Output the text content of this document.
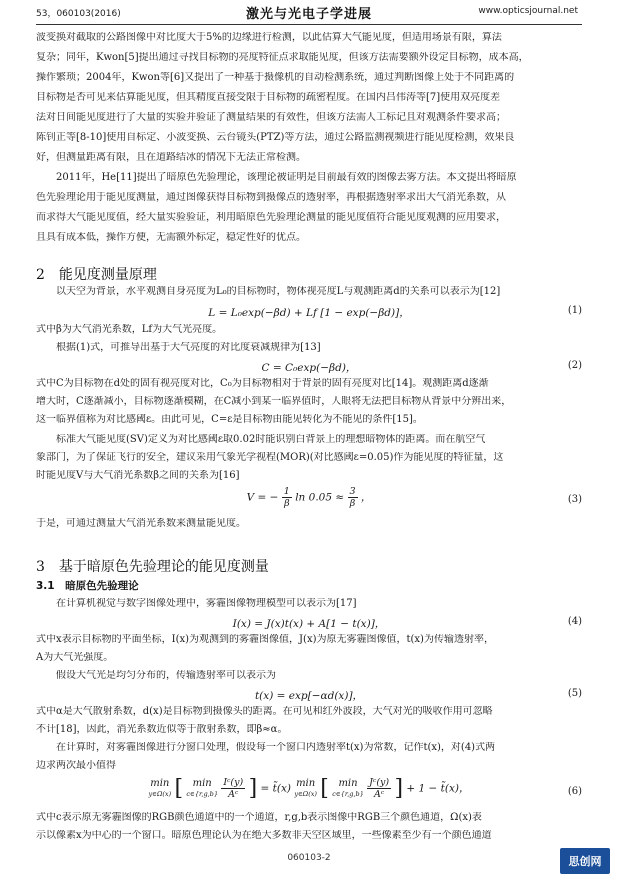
53，060103(2016)	激光与光电子学进展	www.opticsjournal.net
波变换对截取的公路图像中对比度大于5%的边缘进行检测，以此估算大气能见度，但适用场景有限，算法
复杂；同年，Kwon[5]提出通过寻找目标物的亮度特征点求取能见度，但该方法需要额外设定目标物，成本高，
操作繁琐；2004年，Kwon等[6]又提出了一种基于摄像机的自动检测系统，通过判断图像上处于不同距离的
目标物是否可见来估算能见度，但其精度直接受限于目标物的疏密程度。在国内吕伟涛等[7]使用双亮度差
法对日间能见度进行了大量的实验并验证了测量结果的有效性，但该方法需人工标记且对观测条件要求高；
陈钊正等[8-10]使用自标定、小波变换、云台镜头(PTZ)等方法，通过公路监测视频进行能见度检测，效果良
好，但测量距离有限，且在道路结冰的情况下无法正常检测。
2011年，He[11]提出了暗原色先验理论，该理论被证明是目前最有效的图像去雾方法。本文提出将暗原
色先验理论用于能见度测量，通过图像获得目标物到摄像点的透射率，再根据透射率求出大气消光系数，从
而求得大气能见度值，经大量实验验证，利用暗原色先验理论测量的能见度值符合能见度观测的应用要求，
且具有成本低，操作方便，无需额外标定，稳定性好的优点。
2　能见度测量原理
以天空为背景，水平观测自身亮度为L₀的目标物时，物体视亮度L与观测距离d的关系可以表示为[12]
L = L₀exp(−βd) + Lf [1 − exp(−βd)]，	(1)
式中β为大气消光系数，Lf为大气光亮度。
根据(1)式，可推导出基于大气亮度的对比度衰减规律为[13]
C = C₀exp(−βd)，	(2)
式中C为目标物在d处的固有视亮度对比，C₀为目标物相对于背景的固有亮度对比[14]。观测距离d逐渐
增大时，C逐渐减小，目标物逐渐模糊，在C减小到某一临界值时，人眼将无法把目标物从背景中分辨出来，
这一临界值称为对比感阈ε。由此可见，C=ε是目标物由能见转化为不能见的条件[15]。
标准大气能见度(SV)定义为对比感阈ε取0.02时能识别白背景上的理想暗物体的距离。而在航空气
象部门，为了保证飞行的安全，建议采用气象光学视程(MOR)(对比感阈ε=0.05)作为能见度的特征量，这
时能见度V与大气消光系数β之间的关系为[16]
V = − $\frac{1}{\beta}$ $\ln 0.05 \approx \frac{3}{\beta}$ ，	(3)
于是，可通过测量大气消光系数来测量能见度。
3　基于暗原色先验理论的能见度测量
3.1　暗原色先验理论
在计算机视觉与数字图像处理中，雾霾图像物理模型可以表示为[17]
I(x) = J(x)t(x) + A[1 − t(x)]，	(4)
式中x表示目标物的平面坐标，I(x)为观测到的雾霾图像值，J(x)为原无雾霾图像值，t(x)为传输透射率，
A为大气光强度。
假设大气光是均匀分布的，传输透射率可以表示为
t(x) = exp[−αd(x)]，	(5)
式中α是大气散射系数，d(x)是目标物到摄像头的距离。在可见和红外波段，大气对光的吸收作用可忽略
不计[18]，因此，消光系数近似等于散射系数，即β≈α。
在计算时，对雾霾图像进行分窗口处理，假设每一个窗口内透射率t(x)为常数，记作t̃(x)，对(4)式两
边求两次最小值得
min
y∈Ω(x) [ min
c∈{r,g,b}
$\frac{\text{Iᶜ(y)}}{\text{Aᶜ}}$ ] = t̃(x) min
y∈Ω(x) [ min
c∈{r,g,b}
$\frac{\text{Jᶜ(y)}}{\text{Aᶜ}}$ ] + 1 − t̃(x)，	(6)
式中c表示原无雾霾图像的RGB颜色通道中的一个通道，r,g,b表示图像中RGB三个颜色通道，Ω(x)表
示以像素x为中心的一个窗口。暗原色理论认为在绝大多数非天空区域里，一些像素至少有一个颜色通道
060103-2	思创网
